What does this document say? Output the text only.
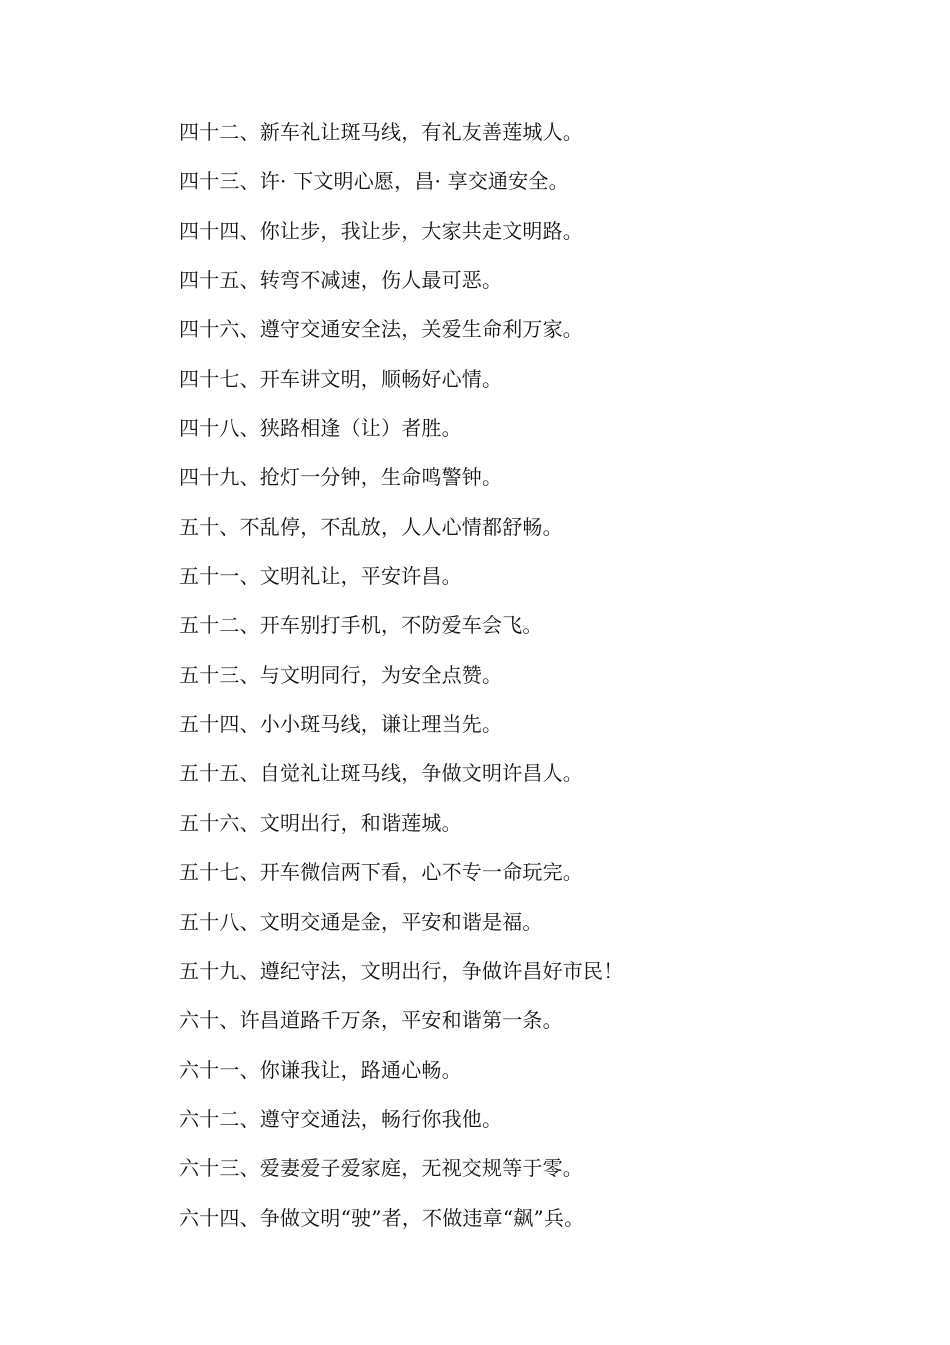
四十二、新车礼让斑马线，有礼友善莲城人。
四十三、许· 下文明心愿，昌· 享交通安全。
四十四、你让步，我让步，大家共走文明路。
四十五、转弯不减速，伤人最可恶。
四十六、遵守交通安全法，关爱生命利万家。
四十七、开车讲文明，顺畅好心情。
四十八、狭路相逢（让）者胜。
四十九、抢灯一分钟，生命鸣警钟。
五十、不乱停，不乱放，人人心情都舒畅。
五十一、文明礼让，平安许昌。
五十二、开车别打手机，不防爱车会飞。
五十三、与文明同行，为安全点赞。
五十四、小小斑马线，谦让理当先。
五十五、自觉礼让斑马线，争做文明许昌人。
五十六、文明出行，和谐莲城。
五十七、开车微信两下看，心不专一命玩完。
五十八、文明交通是金，平安和谐是福。
五十九、遵纪守法，文明出行，争做许昌好市民！
六十、许昌道路千万条，平安和谐第一条。
六十一、你谦我让，路通心畅。
六十二、遵守交通法，畅行你我他。
六十三、爱妻爱子爱家庭，无视交规等于零。
六十四、争做文明“驶”者，不做违章“飙”兵。
